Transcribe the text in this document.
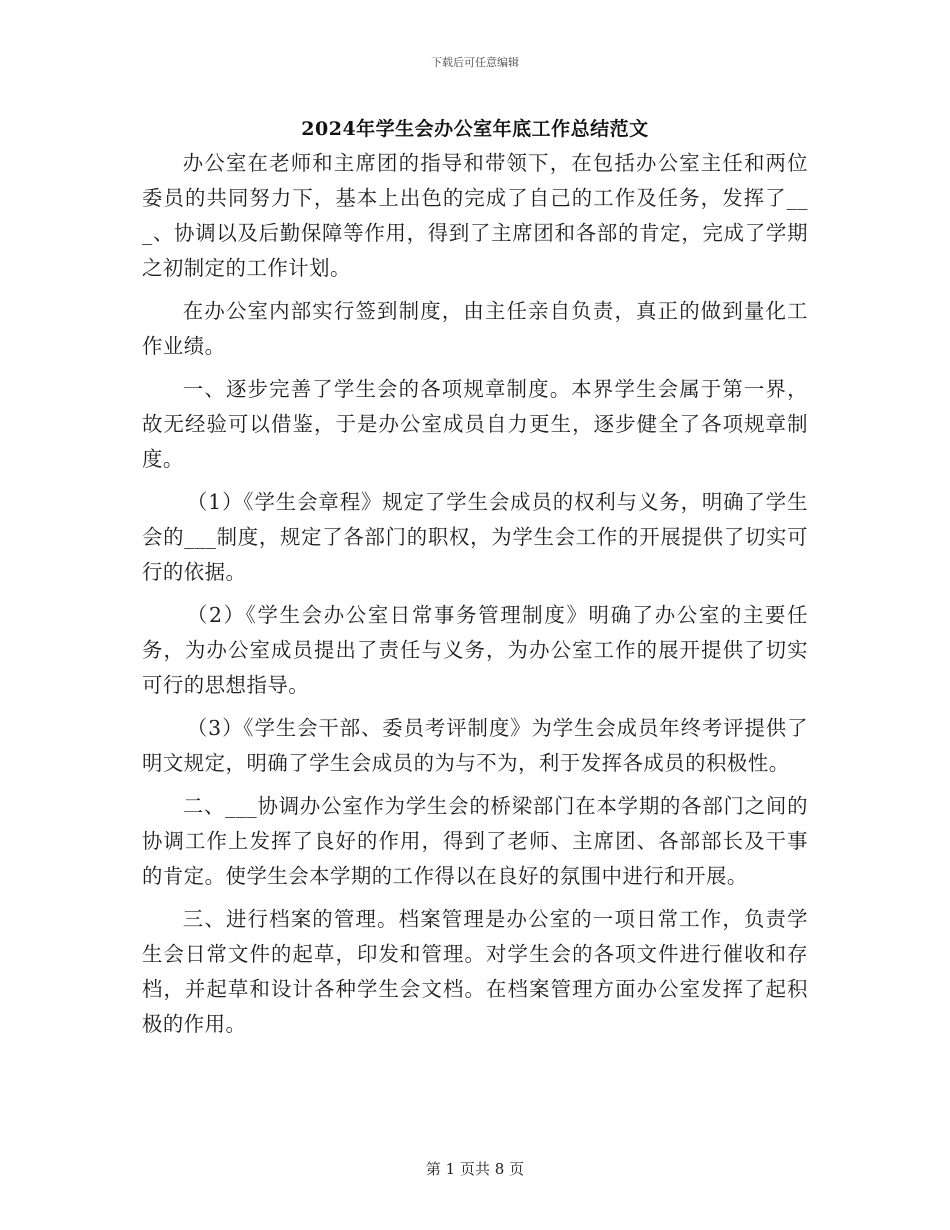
下载后可任意编辑
2024年学生会办公室年底工作总结范文

办公室在老师和主席团的指导和带领下，在包括办公室主任和两位委员的共同努力下，基本上出色的完成了自己的工作及任务，发挥了___、协调以及后勤保障等作用，得到了主席团和各部的肯定，完成了学期之初制定的工作计划。

在办公室内部实行签到制度，由主任亲自负责，真正的做到量化工作业绩。

一、逐步完善了学生会的各项规章制度。本界学生会属于第一界，故无经验可以借鉴，于是办公室成员自力更生，逐步健全了各项规章制度。

（1）《学生会章程》规定了学生会成员的权利与义务，明确了学生会的___制度，规定了各部门的职权，为学生会工作的开展提供了切实可行的依据。

（2）《学生会办公室日常事务管理制度》明确了办公室的主要任务，为办公室成员提出了责任与义务，为办公室工作的展开提供了切实可行的思想指导。

（3）《学生会干部、委员考评制度》为学生会成员年终考评提供了明文规定，明确了学生会成员的为与不为，利于发挥各成员的积极性。

二、___协调办公室作为学生会的桥梁部门在本学期的各部门之间的协调工作上发挥了良好的作用，得到了老师、主席团、各部部长及干事的肯定。使学生会本学期的工作得以在良好的氛围中进行和开展。

三、进行档案的管理。档案管理是办公室的一项日常工作，负责学生会日常文件的起草，印发和管理。对学生会的各项文件进行催收和存档，并起草和设计各种学生会文档。在档案管理方面办公室发挥了起积极的作用。

第 1 页共 8 页
